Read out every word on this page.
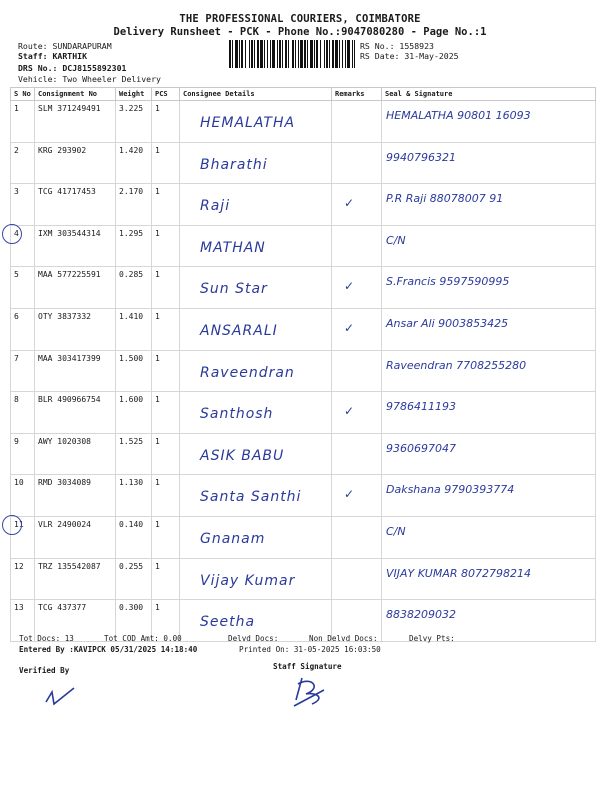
THE PROFESSIONAL COURIERS, COIMBATORE
Delivery Runsheet - PCK - Phone No.:9047080280 - Page No.:1
Route: SUNDARAPURAM
Staff: KARTHIK
DRS No.: DCJ8155892301
Vehicle: Two Wheeler Delivery
RS No.: 1558923
RS Date: 31-May-2025
S No	Consignment No	Weight	PCS	Consignee Details	Remarks	Seal & Signature
1	SLM 371249491	3.225	1	HEMALATHA		HEMALATHA 90801 16093

2	KRG 293902	1.420	1	Bharathi		9940796321

3	TCG 41717453	2.170	1	Raji	✓	P.R Raji 88078007 91

4	IXM 303544314	1.295	1	MATHAN		C/N

5	MAA 577225591	0.285	1	Sun Star	✓	S.Francis 9597590995

6	OTY 3837332	1.410	1	ANSARALI	✓	Ansar Ali 9003853425

7	MAA 303417399	1.500	1	Raveendran		Raveendran 7708255280

8	BLR 490966754	1.600	1	Santhosh	✓	9786411193

9	AWY 1020308	1.525	1	ASIK BABU		9360697047

10	RMD 3034089	1.130	1	Santa Santhi	✓	Dakshana 9790393774

11	VLR 2490024	0.140	1	Gnanam		C/N

12	TRZ 135542087	0.255	1	Vijay Kumar		VIJAY KUMAR 8072798214

13	TCG 437377	0.300	1	Seetha		8838209032
Tot Docs: 13	Tot COD Amt: 0.00	Delvd Docs:	Non Delvd Docs:	Delvy Pts:
Entered By :KAVIPCK 05/31/2025 14:18:40	Printed On: 31-05-2025 16:03:50
Verified By	Staff Signature
